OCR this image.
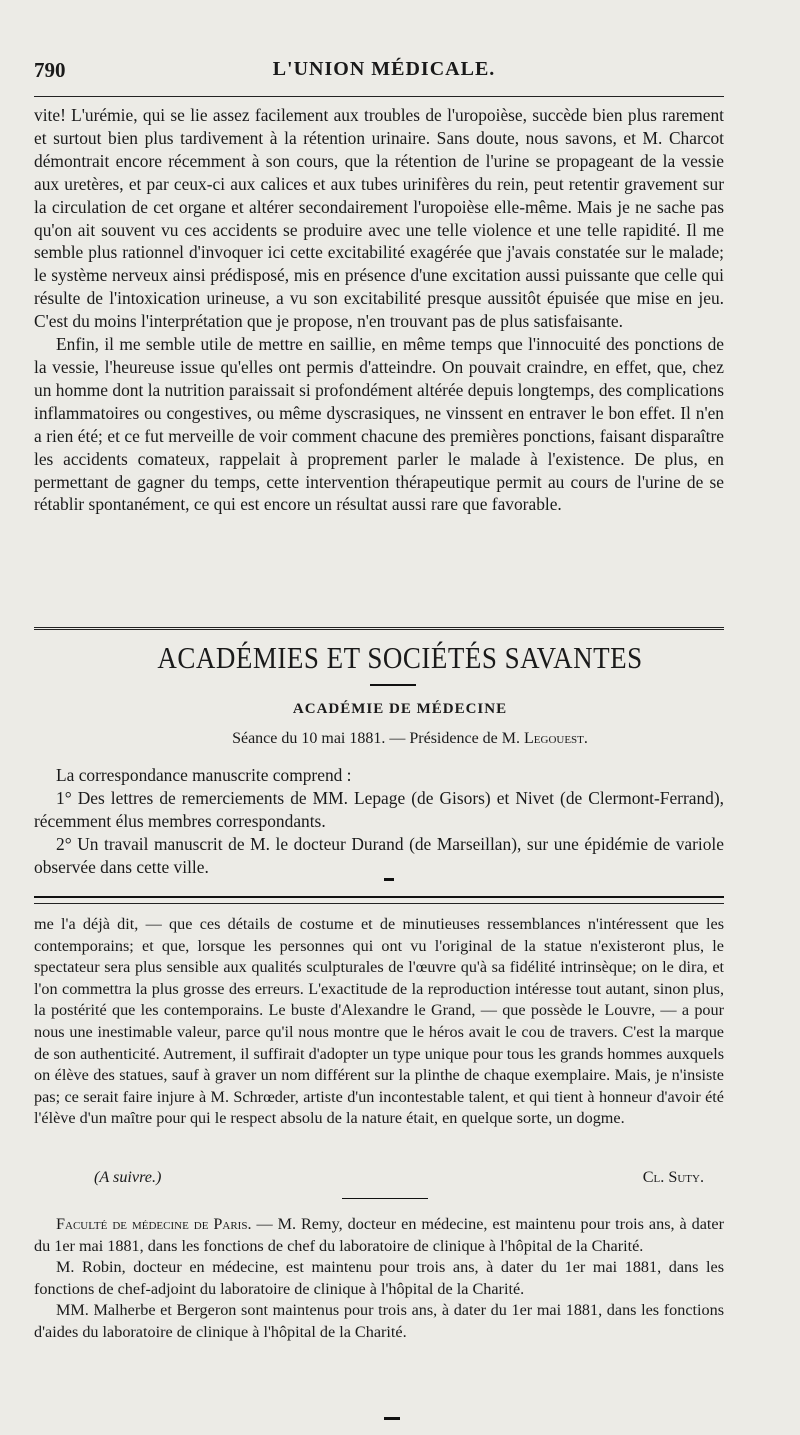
790	L'UNION MÉDICALE.

vite! L'urémie, qui se lie assez facilement aux troubles de l'uropoièse, succède bien plus rarement et surtout bien plus tardivement à la rétention urinaire. Sans doute, nous savons, et M. Charcot démontrait encore récemment à son cours, que la rétention de l'urine se propageant de la vessie aux uretères, et par ceux-ci aux calices et aux tubes urinifères du rein, peut retentir gravement sur la circulation de cet organe et altérer secondairement l'uropoièse elle-même. Mais je ne sache pas qu'on ait souvent vu ces accidents se produire avec une telle violence et une telle rapidité. Il me semble plus rationnel d'invoquer ici cette excitabilité exagérée que j'avais constatée sur le malade; le système nerveux ainsi prédisposé, mis en présence d'une excitation aussi puissante que celle qui résulte de l'intoxication urineuse, a vu son excitabilité presque aussitôt épuisée que mise en jeu. C'est du moins l'interprétation que je propose, n'en trouvant pas de plus satisfaisante.

Enfin, il me semble utile de mettre en saillie, en même temps que l'innocuité des ponctions de la vessie, l'heureuse issue qu'elles ont permis d'atteindre. On pouvait craindre, en effet, que, chez un homme dont la nutrition paraissait si profondément altérée depuis longtemps, des complications inflammatoires ou congestives, ou même dyscrasiques, ne vinssent en entraver le bon effet. Il n'en a rien été; et ce fut merveille de voir comment chacune des premières ponctions, faisant disparaître les accidents comateux, rappelait à proprement parler le malade à l'existence. De plus, en permettant de gagner du temps, cette intervention thérapeutique permit au cours de l'urine de se rétablir spontanément, ce qui est encore un résultat aussi rare que favorable.

ACADÉMIES ET SOCIÉTÉS SAVANTES
ACADÉMIE DE MÉDECINE
Séance du 10 mai 1881. — Présidence de M. Legouest.

La correspondance manuscrite comprend :

1° Des lettres de remerciements de MM. Lepage (de Gisors) et Nivet (de Clermont-Ferrand), récemment élus membres correspondants.

2° Un travail manuscrit de M. le docteur Durand (de Marseillan), sur une épidémie de variole observée dans cette ville.

me l'a déjà dit, — que ces détails de costume et de minutieuses ressemblances n'intéressent que les contemporains; et que, lorsque les personnes qui ont vu l'original de la statue n'existeront plus, le spectateur sera plus sensible aux qualités sculpturales de l'œuvre qu'à sa fidélité intrinsèque; on le dira, et l'on commettra la plus grosse des erreurs. L'exactitude de la reproduction intéresse tout autant, sinon plus, la postérité que les contemporains. Le buste d'Alexandre le Grand, — que possède le Louvre, — a pour nous une inestimable valeur, parce qu'il nous montre que le héros avait le cou de travers. C'est la marque de son authenticité. Autrement, il suffirait d'adopter un type unique pour tous les grands hommes auxquels on élève des statues, sauf à graver un nom différent sur la plinthe de chaque exemplaire. Mais, je n'insiste pas; ce serait faire injure à M. Schrœder, artiste d'un incontestable talent, et qui tient à honneur d'avoir été l'élève d'un maître pour qui le respect absolu de la nature était, en quelque sorte, un dogme.

(A suivre.)	Cl. Suty.

Faculté de médecine de Paris. — M. Remy, docteur en médecine, est maintenu pour trois ans, à dater du 1er mai 1881, dans les fonctions de chef du laboratoire de clinique à l'hôpital de la Charité.

M. Robin, docteur en médecine, est maintenu pour trois ans, à dater du 1er mai 1881, dans les fonctions de chef-adjoint du laboratoire de clinique à l'hôpital de la Charité.

MM. Malherbe et Bergeron sont maintenus pour trois ans, à dater du 1er mai 1881, dans les fonctions d'aides du laboratoire de clinique à l'hôpital de la Charité.
